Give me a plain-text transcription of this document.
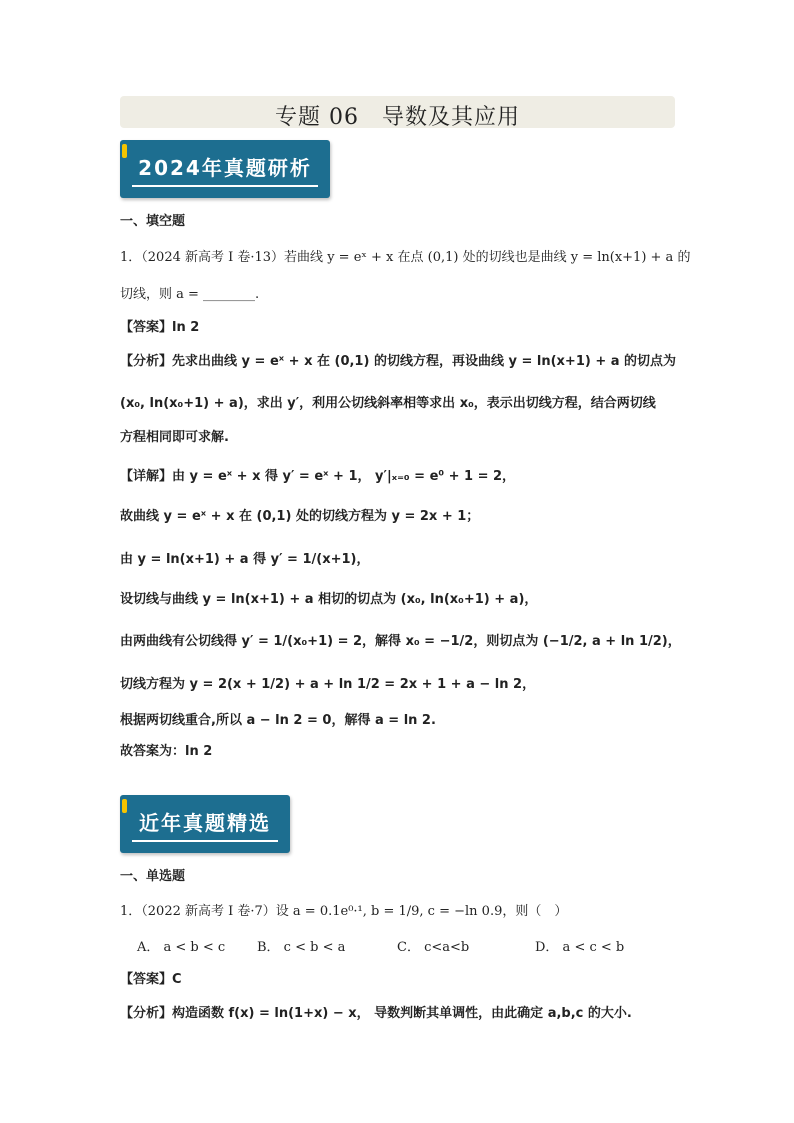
专题 06　导数及其应用
2024年真题研析
一、填空题
1．（2024 新高考 I 卷·13）若曲线 y = eˣ + x 在点 (0,1) 处的切线也是曲线 y = ln(x+1) + a 的
切线，则 a = ________.
【答案】ln 2
【分析】先求出曲线 y = eˣ + x 在 (0,1) 的切线方程，再设曲线 y = ln(x+1) + a 的切点为
(x₀, ln(x₀+1) + a)，求出 y′，利用公切线斜率相等求出 x₀，表示出切线方程，结合两切线
方程相同即可求解.
【详解】由 y = eˣ + x 得 y′ = eˣ + 1， y′|ₓ₌₀ = e⁰ + 1 = 2，
故曲线 y = eˣ + x 在 (0,1) 处的切线方程为 y = 2x + 1；
由 y = ln(x+1) + a 得 y′ = 1/(x+1)，
设切线与曲线 y = ln(x+1) + a 相切的切点为 (x₀, ln(x₀+1) + a)，
由两曲线有公切线得 y′ = 1/(x₀+1) = 2，解得 x₀ = −1/2，则切点为 (−1/2, a + ln 1/2)，
切线方程为 y = 2(x + 1/2) + a + ln 1/2 = 2x + 1 + a − ln 2，
根据两切线重合,所以 a − ln 2 = 0，解得 a = ln 2.
故答案为：ln 2
近年真题精选
一、单选题
1．（2022 新高考 I 卷·7）设 a = 0.1e⁰·¹, b = 1/9, c = −ln 0.9，则（　）
A． a < b < c B． c < b < a	C． c<a<b	D． a < c < b
【答案】C
【分析】构造函数 f(x) = ln(1+x) − x， 导数判断其单调性，由此确定 a,b,c 的大小.
